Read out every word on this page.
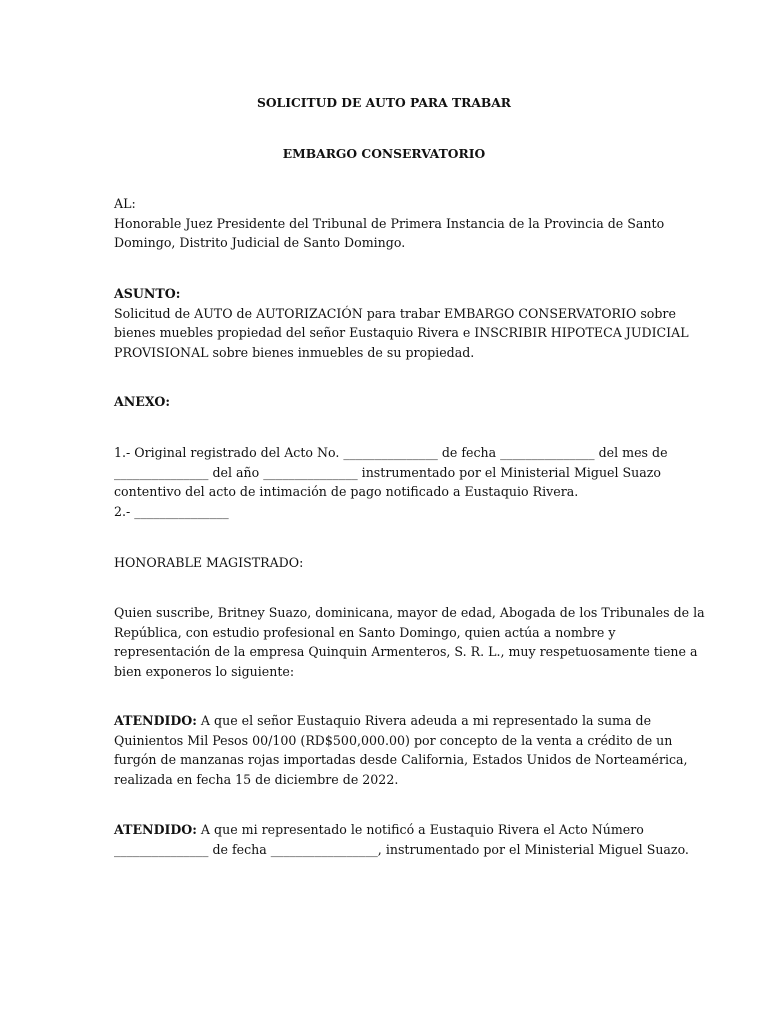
SOLICITUD DE AUTO PARA TRABAR
EMBARGO CONSERVATORIO
AL:
Honorable Juez Presidente del Tribunal de Primera Instancia de la Provincia de Santo
Domingo, Distrito Judicial de Santo Domingo.
ASUNTO:
Solicitud de AUTO de AUTORIZACIÓN para trabar EMBARGO CONSERVATORIO sobre
bienes muebles propiedad del señor Eustaquio Rivera e INSCRIBIR HIPOTECA JUDICIAL
PROVISIONAL sobre bienes inmuebles de su propiedad.
ANEXO:
1.- Original registrado del Acto No. _______________ de fecha _______________ del mes de
_______________ del año _______________ instrumentado por el Ministerial Miguel Suazo
contentivo del acto de intimación de pago notificado a Eustaquio Rivera.
2.- _______________
HONORABLE MAGISTRADO:
Quien suscribe, Britney Suazo, dominicana, mayor de edad, Abogada de los Tribunales de la
República, con estudio profesional en Santo Domingo, quien actúa a nombre y
representación de la empresa Quinquin Armenteros, S. R. L., muy respetuosamente tiene a
bien exponeros lo siguiente:
ATENDIDO: A que el señor Eustaquio Rivera adeuda a mi representado la suma de
Quinientos Mil Pesos 00/100 (RD$500,000.00) por concepto de la venta a crédito de un
furgón de manzanas rojas importadas desde California, Estados Unidos de Norteamérica,
realizada en fecha 15 de diciembre de 2022.
ATENDIDO: A que mi representado le notificó a Eustaquio Rivera el Acto Número
_______________ de fecha _________________, instrumentado por el Ministerial Miguel Suazo.
